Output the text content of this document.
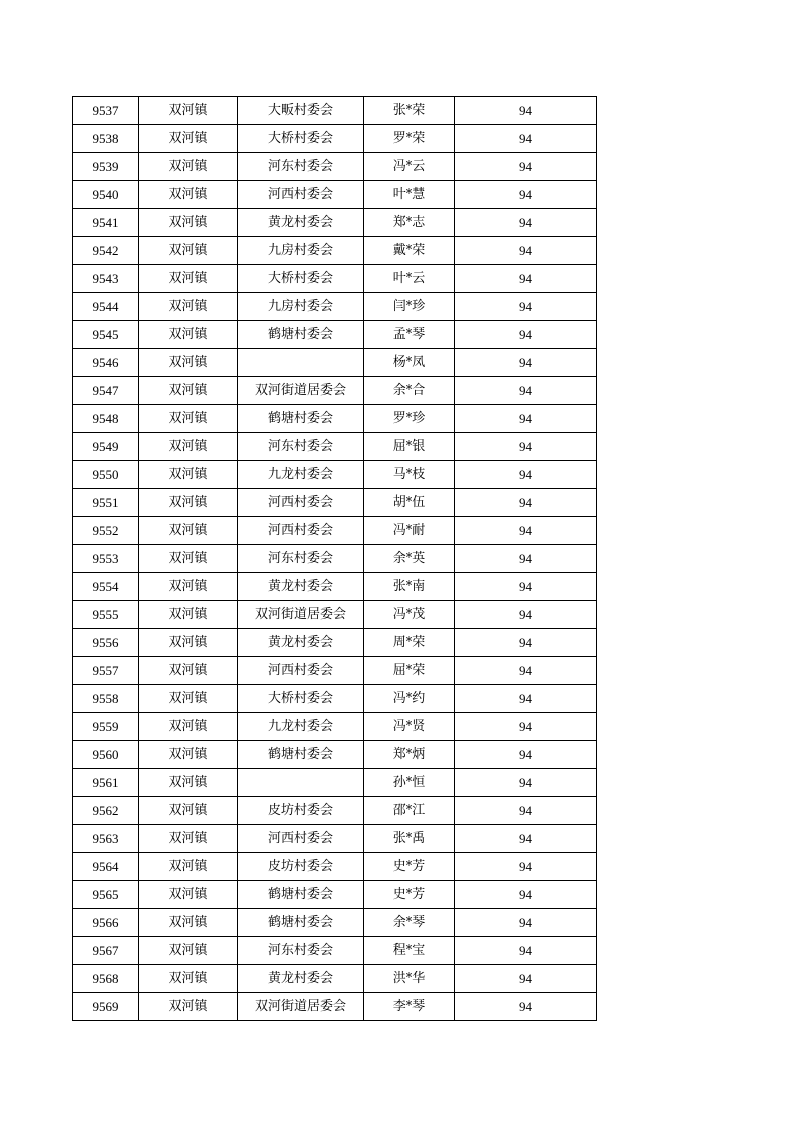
9537	双河镇	大畈村委会	张*荣	94
9538	双河镇	大桥村委会	罗*荣	94
9539	双河镇	河东村委会	冯*云	94
9540	双河镇	河西村委会	叶*慧	94
9541	双河镇	黄龙村委会	郑*志	94
9542	双河镇	九房村委会	戴*荣	94
9543	双河镇	大桥村委会	叶*云	94
9544	双河镇	九房村委会	闫*珍	94
9545	双河镇	鹤塘村委会	孟*琴	94
9546	双河镇		杨*凤	94
9547	双河镇	双河街道居委会	余*合	94
9548	双河镇	鹤塘村委会	罗*珍	94
9549	双河镇	河东村委会	屈*银	94
9550	双河镇	九龙村委会	马*枝	94
9551	双河镇	河西村委会	胡*伍	94
9552	双河镇	河西村委会	冯*耐	94
9553	双河镇	河东村委会	余*英	94
9554	双河镇	黄龙村委会	张*南	94
9555	双河镇	双河街道居委会	冯*茂	94
9556	双河镇	黄龙村委会	周*荣	94
9557	双河镇	河西村委会	屈*荣	94
9558	双河镇	大桥村委会	冯*约	94
9559	双河镇	九龙村委会	冯*贤	94
9560	双河镇	鹤塘村委会	郑*炳	94
9561	双河镇		孙*恒	94
9562	双河镇	皮坊村委会	邵*江	94
9563	双河镇	河西村委会	张*禹	94
9564	双河镇	皮坊村委会	史*芳	94
9565	双河镇	鹤塘村委会	史*芳	94
9566	双河镇	鹤塘村委会	余*琴	94
9567	双河镇	河东村委会	程*宝	94
9568	双河镇	黄龙村委会	洪*华	94
9569	双河镇	双河街道居委会	李*琴	94
